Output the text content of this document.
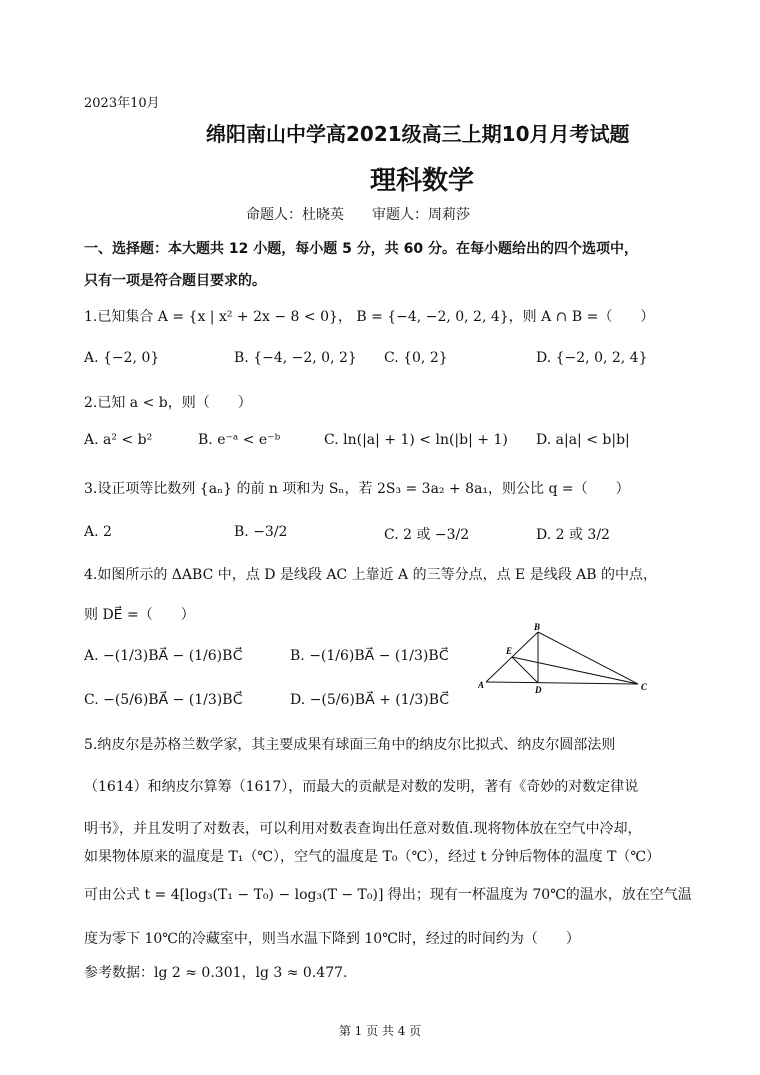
2023年10月
绵阳南山中学高2021级高三上期10月月考试题
理科数学
命题人：杜晓英　　审题人：周莉莎
一、选择题：本大题共 12 小题，每小题 5 分，共 60 分。在每小题给出的四个选项中，
只有一项是符合题目要求的。
1.已知集合 A = {x | x² + 2x − 8 < 0}， B = {−4, −2, 0, 2, 4}，则 A ∩ B =（　　）
A. {−2, 0}	B. {−4, −2, 0, 2} C. {0, 2}	D. {−2, 0, 2, 4}
2.已知 a < b，则（　　）
A. a² < b²	B. e⁻ᵃ < e⁻ᵇ	C. ln(|a| + 1) < ln(|b| + 1) D. a|a| < b|b|
3.设正项等比数列 {aₙ} 的前 n 项和为 Sₙ，若 2S₃ = 3a₂ + 8a₁，则公比 q =（　　）
A. 2	B. −3/2	C. 2 或 −3/2	D. 2 或 3/2
4.如图所示的 ΔABC 中，点 D 是线段 AC 上靠近 A 的三等分点，点 E 是线段 AB 的中点，
则 DE⃗ =（　　）
A. −(1/3)BA⃗ − (1/6)BC⃗	B. −(1/6)BA⃗ − (1/3)BC⃗
C. −(5/6)BA⃗ − (1/3)BC⃗	D. −(5/6)BA⃗ + (1/3)BC⃗
A
B
C
D
E
5.纳皮尔是苏格兰数学家，其主要成果有球面三角中的纳皮尔比拟式、纳皮尔圆部法则
（1614）和纳皮尔算筹（1617），而最大的贡献是对数的发明，著有《奇妙的对数定律说
明书》，并且发明了对数表，可以利用对数表查询出任意对数值.现将物体放在空气中冷却，
如果物体原来的温度是 T₁（℃），空气的温度是 T₀（℃），经过 t 分钟后物体的温度 T（℃）
可由公式 t = 4[log₃(T₁ − T₀) − log₃(T − T₀)] 得出；现有一杯温度为 70℃的温水，放在空气温
度为零下 10℃的冷藏室中，则当水温下降到 10℃时，经过的时间约为（　　）
参考数据：lg 2 ≈ 0.301，lg 3 ≈ 0.477.
第 1 页 共 4 页
